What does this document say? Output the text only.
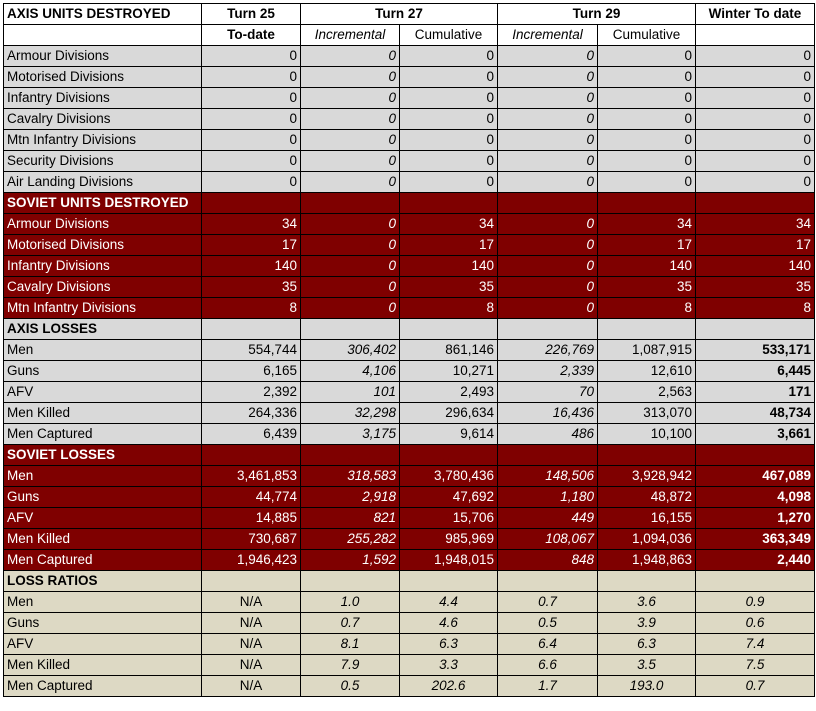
AXIS UNITS DESTROYED	Turn 25	Turn 27		Turn 29		Winter To date
	To-date	Incremental	Cumulative	Incremental	Cumulative	
Armour Divisions	0	0	0	0	0	0
Motorised Divisions	0	0	0	0	0	0
Infantry Divisions	0	0	0	0	0	0
Cavalry Divisions	0	0	0	0	0	0
Mtn Infantry Divisions	0	0	0	0	0	0
Security Divisions	0	0	0	0	0	0
Air Landing Divisions	0	0	0	0	0	0
SOVIET UNITS DESTROYED						
Armour Divisions	34	0	34	0	34	34
Motorised Divisions	17	0	17	0	17	17
Infantry Divisions	140	0	140	0	140	140
Cavalry Divisions	35	0	35	0	35	35
Mtn Infantry Divisions	8	0	8	0	8	8
AXIS LOSSES						
Men	554,744	306,402	861,146	226,769	1,087,915	533,171
Guns	6,165	4,106	10,271	2,339	12,610	6,445
AFV	2,392	101	2,493	70	2,563	171
Men Killed	264,336	32,298	296,634	16,436	313,070	48,734
Men Captured	6,439	3,175	9,614	486	10,100	3,661
SOVIET LOSSES						
Men	3,461,853	318,583	3,780,436	148,506	3,928,942	467,089
Guns	44,774	2,918	47,692	1,180	48,872	4,098
AFV	14,885	821	15,706	449	16,155	1,270
Men Killed	730,687	255,282	985,969	108,067	1,094,036	363,349
Men Captured	1,946,423	1,592	1,948,015	848	1,948,863	2,440
LOSS RATIOS						
Men	N/A	1.0	4.4	0.7	3.6	0.9
Guns	N/A	0.7	4.6	0.5	3.9	0.6
AFV	N/A	8.1	6.3	6.4	6.3	7.4
Men Killed	N/A	7.9	3.3	6.6	3.5	7.5
Men Captured	N/A	0.5	202.6	1.7	193.0	0.7
